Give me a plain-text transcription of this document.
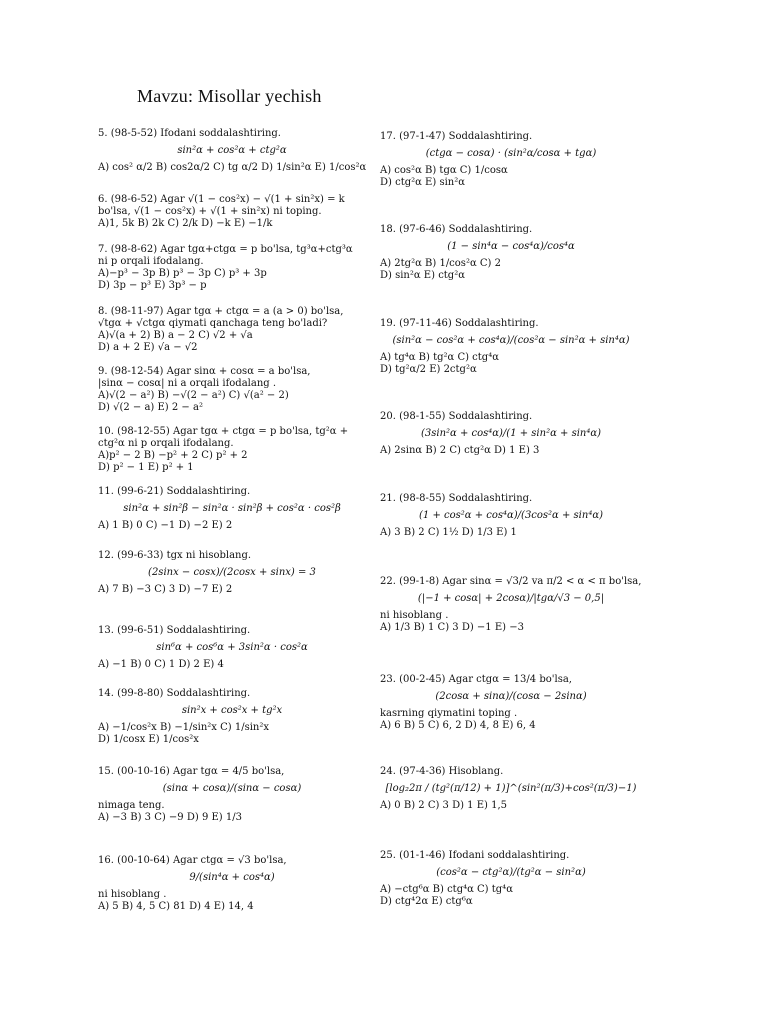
Mavzu: Misollar yechish
5. (98-5-52) Ifodani soddalashtiring.
sin²α + cos²α + ctg²α
A) cos² α/2 B) cos2α/2 C) tg α/2 D) 1/sin²α E) 1/cos²α
6. (98-6-52) Agar √(1 − cos²x) − √(1 + sin²x) = k
bo'lsa, √(1 − cos²x) + √(1 + sin²x) ni toping.
A)1, 5k B) 2k C) 2/k D) −k E) −1/k
7. (98-8-62) Agar tgα+ctgα = p bo'lsa, tg³α+ctg³α
ni p orqali ifodalang.
A)−p³ − 3p B) p³ − 3p C) p³ + 3p
D) 3p − p³ E) 3p³ − p
8. (98-11-97) Agar tgα + ctgα = a (a > 0) bo'lsa,
√tgα + √ctgα qiymati qanchaga teng bo'ladi?
A)√(a + 2) B) a − 2 C) √2 + √a
D) a + 2 E) √a − √2
9. (98-12-54) Agar sinα + cosα = a bo'lsa,
|sinα − cosα| ni a orqali ifodalang .
A)√(2 − a²) B) −√(2 − a²) C) √(a² − 2)
D) √(2 − a) E) 2 − a²
10. (98-12-55) Agar tgα + ctgα = p bo'lsa, tg²α +
ctg²α ni p orqali ifodalang.
A)p² − 2 B) −p² + 2 C) p² + 2
D) p² − 1 E) p² + 1
11. (99-6-21) Soddalashtiring.
sin²α + sin²β − sin²α · sin²β + cos²α · cos²β
A) 1 B) 0 C) −1 D) −2 E) 2
12. (99-6-33) tgx ni hisoblang.
(2sinx − cosx)/(2cosx + sinx) = 3
A) 7 B) −3 C) 3 D) −7 E) 2
13. (99-6-51) Soddalashtiring.
sin⁶α + cos⁶α + 3sin²α · cos²α
A) −1 B) 0 C) 1 D) 2 E) 4
14. (99-8-80) Soddalashtiring.
sin²x + cos²x + tg²x
A) −1/cos²x B) −1/sin²x C) 1/sin²x
D) 1/cosx E) 1/cos²x
15. (00-10-16) Agar tgα = 4/5 bo'lsa,
(sinα + cosα)/(sinα − cosα)
nimaga teng.
A) −3 B) 3 C) −9 D) 9 E) 1/3
16. (00-10-64) Agar ctgα = √3 bo'lsa,
9/(sin⁴α + cos⁴α)
ni hisoblang .
A) 5 B) 4, 5 C) 81 D) 4 E) 14, 4
17. (97-1-47) Soddalashtiring.
(ctgα − cosα) · (sin²α/cosα + tgα)
A) cos²α B) tgα C) 1/cosα
D) ctg²α E) sin²α
18. (97-6-46) Soddalashtiring.
(1 − sin⁴α − cos⁴α)/cos⁴α
A) 2tg²α B) 1/cos²α C) 2
D) sin²α E) ctg²α
19. (97-11-46) Soddalashtiring.
(sin²α − cos²α + cos⁴α)/(cos²α − sin²α + sin⁴α)
A) tg⁴α B) tg²α C) ctg⁴α
D) tg²α/2 E) 2ctg²α
20. (98-1-55) Soddalashtiring.
(3sin²α + cos⁴α)/(1 + sin²α + sin⁴α)
A) 2sinα B) 2 C) ctg²α D) 1 E) 3
21. (98-8-55) Soddalashtiring.
(1 + cos²α + cos⁴α)/(3cos²α + sin⁴α)
A) 3 B) 2 C) 1½ D) 1/3 E) 1
22. (99-1-8) Agar sinα = √3/2 va π/2 < α < π bo'lsa,
(|−1 + cosα| + 2cosα)/|tgα/√3 − 0,5|
ni hisoblang .
A) 1/3 B) 1 C) 3 D) −1 E) −3
23. (00-2-45) Agar ctgα = 13/4 bo'lsa,
(2cosα + sinα)/(cosα − 2sinα)
kasrning qiymatini toping .
A) 6 B) 5 C) 6, 2 D) 4, 8 E) 6, 4
24. (97-4-36) Hisoblang.
[log₂2π / (tg²(π/12) + 1)]^(sin²(π/3)+cos²(π/3)−1)
A) 0 B) 2 C) 3 D) 1 E) 1,5
25. (01-1-46) Ifodani soddalashtiring.
(cos²α − ctg²α)/(tg²α − sin²α)
A) −ctg⁶α B) ctg⁴α C) tg⁴α
D) ctg⁴2α E) ctg⁶α
